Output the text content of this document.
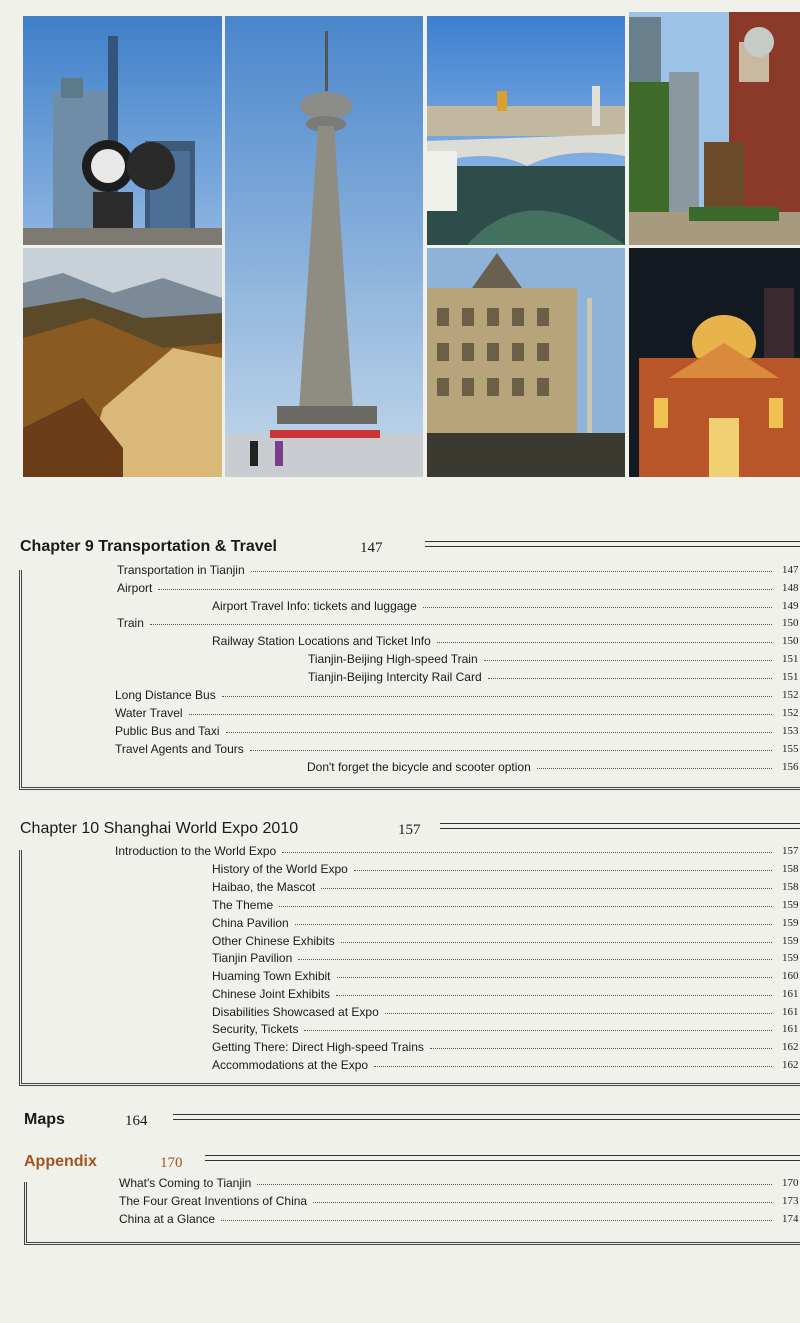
Chapter 9 Transportation & Travel	147
Transportation in Tianjin	147
Airport	148
Airport Travel Info: tickets and luggage	149
Train	150
Railway Station Locations and Ticket Info	150
Tianjin-Beijing High-speed Train	151
Tianjin-Beijing Intercity Rail Card	151
Long Distance Bus	152
Water Travel	152
Public Bus and Taxi	153
Travel Agents and Tours	155
Don't forget the bicycle and scooter option	156
Chapter 10 Shanghai World Expo 2010	157
Introduction to the World Expo	157
History of the World Expo	158
Haibao, the Mascot	158
The Theme	159
China Pavilion	159
Other Chinese Exhibits	159
Tianjin Pavilion	159
Huaming Town Exhibit	160
Chinese Joint Exhibits	161
Disabilities Showcased at Expo	161
Security, Tickets	161
Getting There: Direct High-speed Trains	162
Accommodations at the Expo	162
Maps	164
Appendix	170
What's Coming to Tianjin	170
The Four Great Inventions of China	173
China at a Glance	174
